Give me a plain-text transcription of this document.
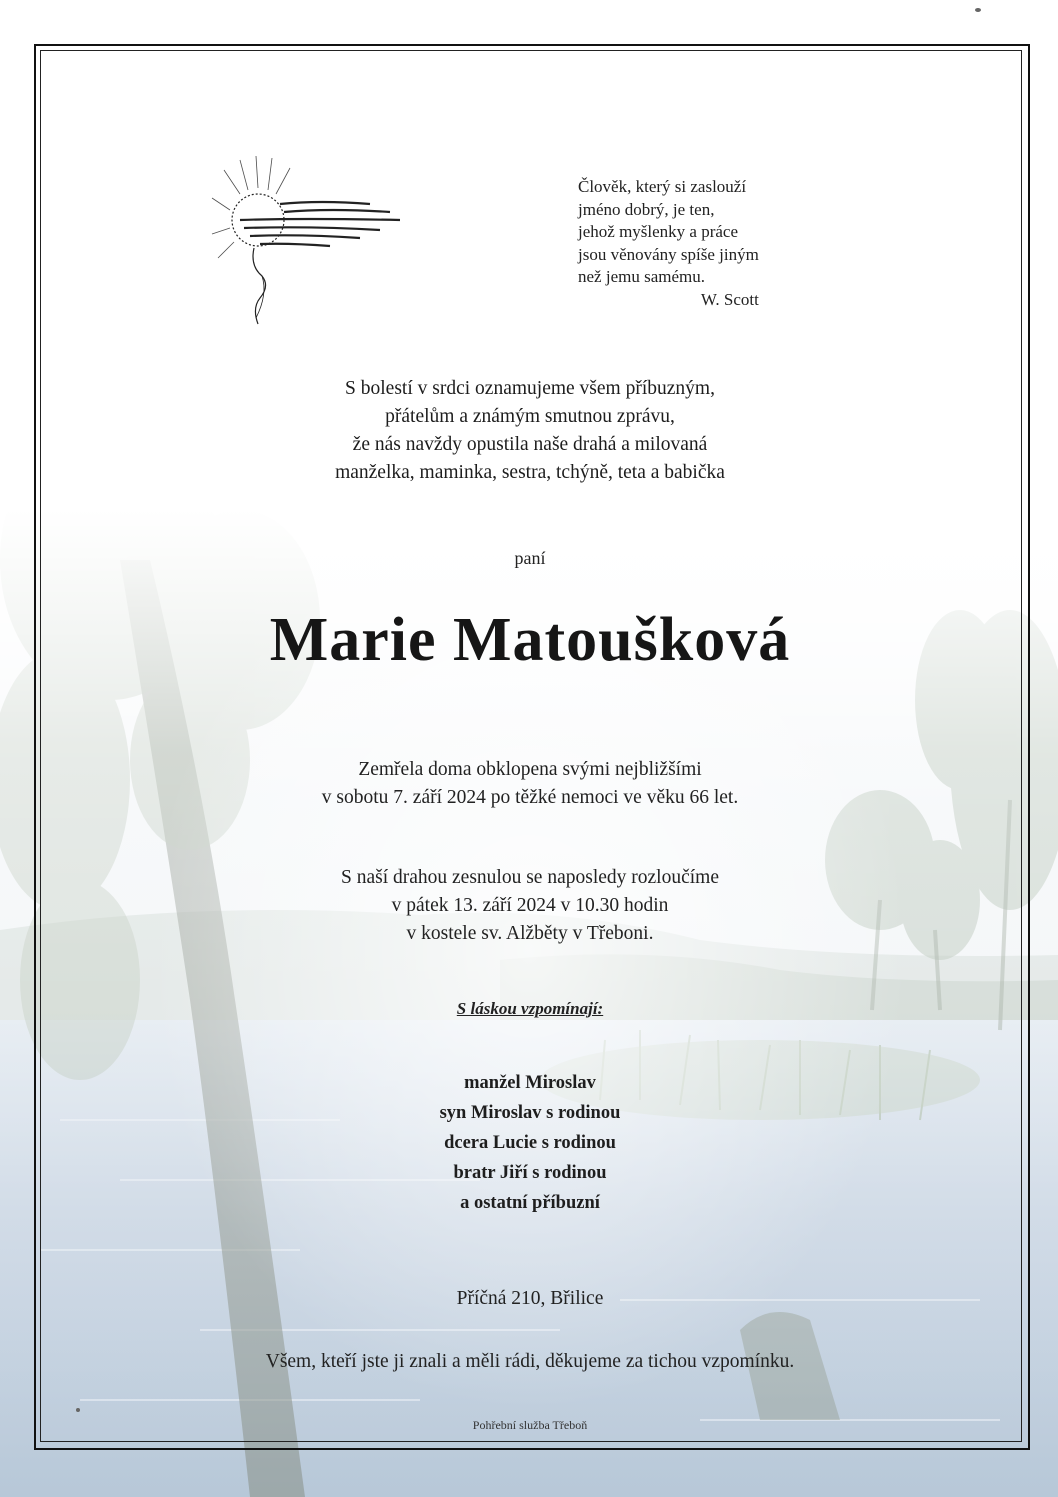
Člověk, který si zaslouží
jméno dobrý, je ten,
jehož myšlenky a práce
jsou věnovány spíše jiným
než jemu samému.
W. Scott
S bolestí v srdci oznamujeme všem příbuzným,
přátelům a známým smutnou zprávu,
že nás navždy opustila naše drahá a milovaná
manželka, maminka, sestra, tchýně, teta a babička
paní
Marie Matoušková
Zemřela doma obklopena svými nejbližšími
v sobotu 7. září 2024 po těžké nemoci ve věku 66 let.
S naší drahou zesnulou se naposledy rozloučíme
v pátek 13. září 2024 v 10.30 hodin
v kostele sv. Alžběty v Třeboni.
S láskou vzpomínají:
manžel Miroslav
syn Miroslav s rodinou
dcera Lucie s rodinou
bratr Jiří s rodinou
a ostatní příbuzní
Příčná 210, Břilice
Všem, kteří jste ji znali a měli rádi, děkujeme za tichou vzpomínku.
Pohřební služba Třeboň
